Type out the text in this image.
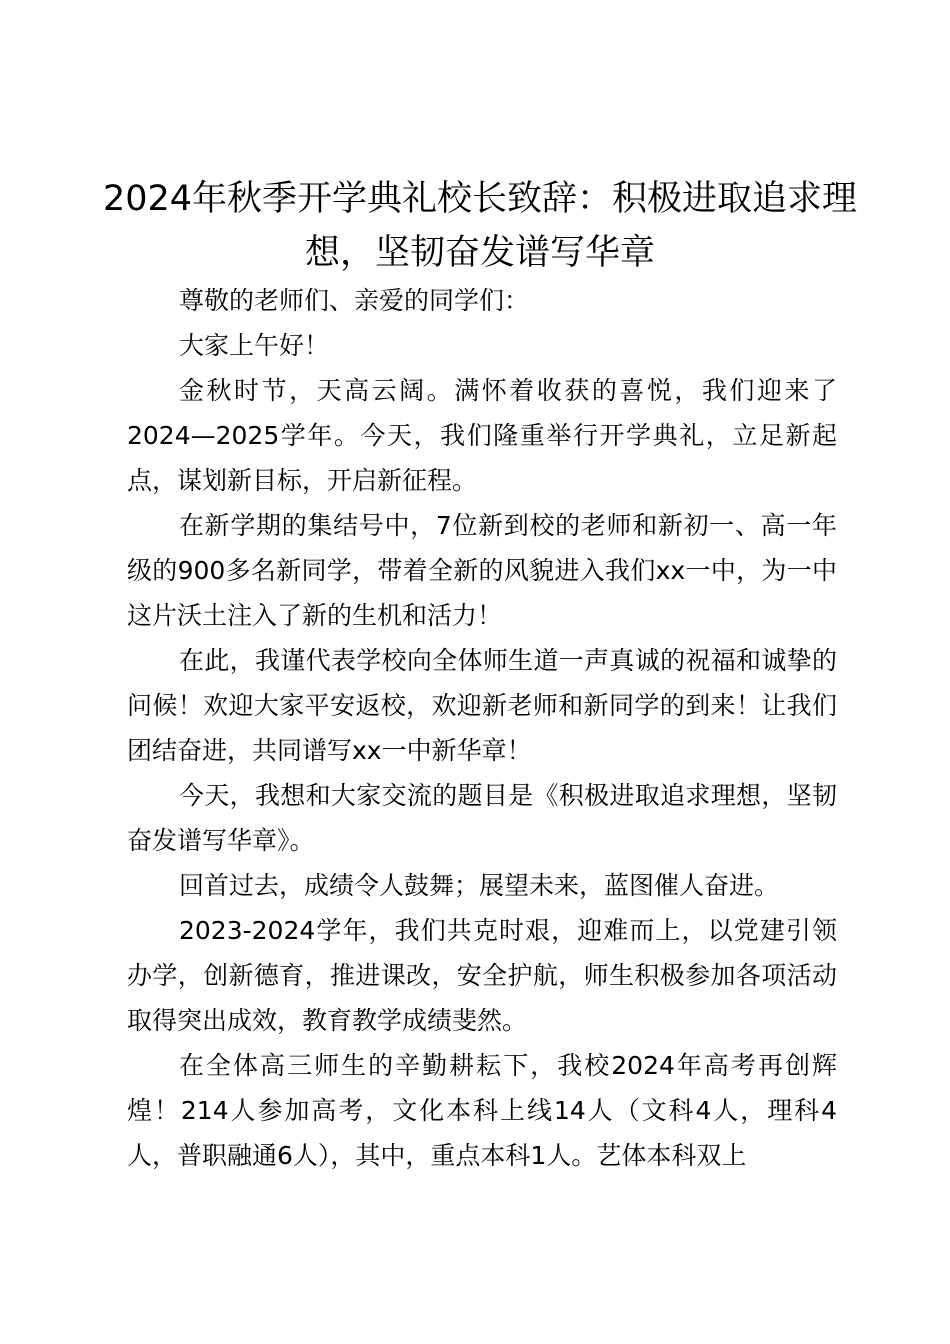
2024年秋季开学典礼校长致辞：积极进取追求理想，坚韧奋发谱写华章

尊敬的老师们、亲爱的同学们：

大家上午好！

金秋时节，天高云阔。满怀着收获的喜悦，我们迎来了2024—2025学年。今天，我们隆重举行开学典礼，立足新起点，谋划新目标，开启新征程。

在新学期的集结号中，7位新到校的老师和新初一、高一年级的900多名新同学，带着全新的风貌进入我们xx一中，为一中这片沃土注入了新的生机和活力！

在此，我谨代表学校向全体师生道一声真诚的祝福和诚挚的问候！欢迎大家平安返校，欢迎新老师和新同学的到来！让我们团结奋进，共同谱写xx一中新华章！

今天，我想和大家交流的题目是《积极进取追求理想，坚韧奋发谱写华章》。

回首过去，成绩令人鼓舞；展望未来，蓝图催人奋进。

2023-2024学年，我们共克时艰，迎难而上，以党建引领办学，创新德育，推进课改，安全护航，师生积极参加各项活动取得突出成效，教育教学成绩斐然。

在全体高三师生的辛勤耕耘下，我校2024年高考再创辉煌！214人参加高考，文化本科上线14人（文科4人，理科4人，普职融通6人），其中，重点本科1人。艺体本科双上
